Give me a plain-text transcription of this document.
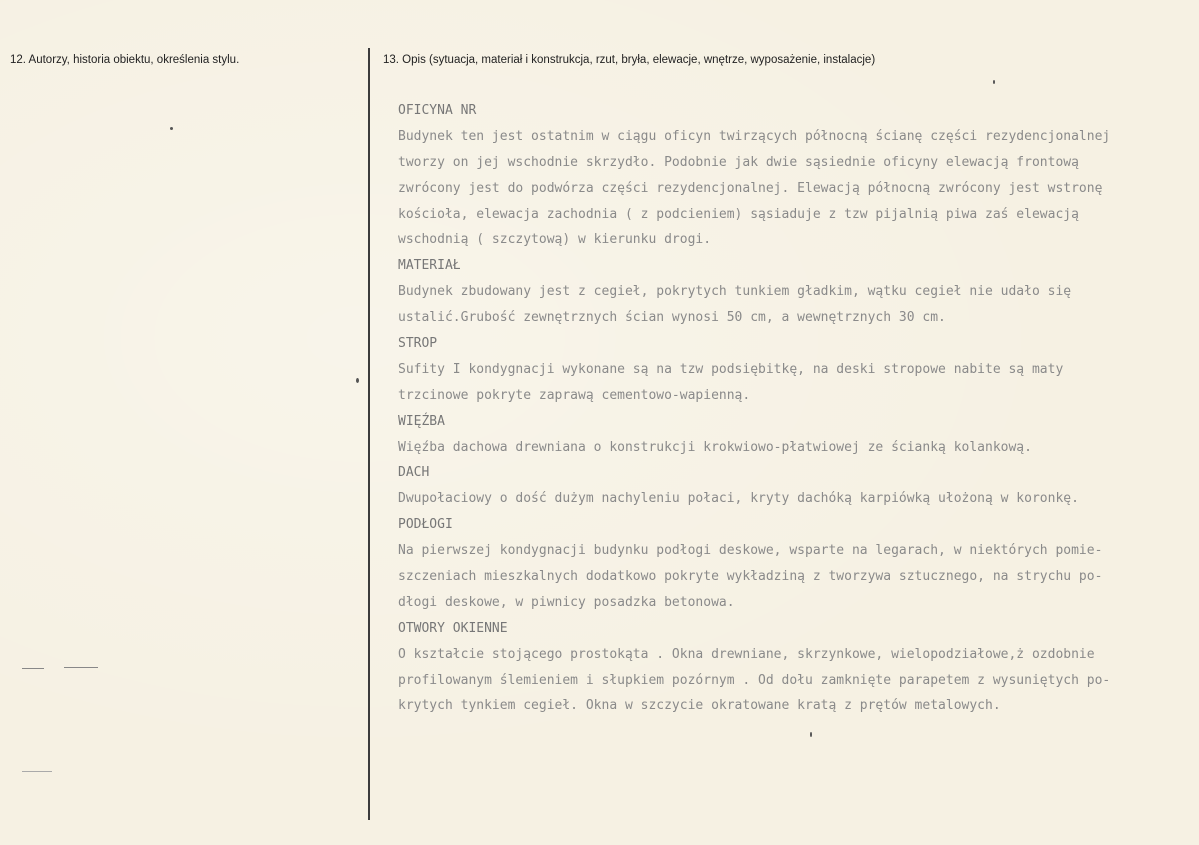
12. Autorzy, historia obiektu, określenia stylu.	13. Opis (sytuacja, materiał i konstrukcja, rzut, bryła, elewacje, wnętrze, wyposażenie, instalacje)
OFICYNA NR
Budynek ten jest ostatnim w ciągu oficyn twirzących północną ścianę części rezydencjonalnej
tworzy on jej wschodnie skrzydło. Podobnie jak dwie sąsiednie oficyny elewacją frontową
zwrócony jest do podwórza części rezydencjonalnej. Elewacją północną zwrócony jest wstronę
kościoła, elewacja zachodnia ( z podcieniem) sąsiaduje z tzw pijalnią piwa zaś elewacją
wschodnią ( szczytową) w kierunku drogi.
MATERIAŁ
Budynek zbudowany jest z cegieł, pokrytych tunkiem gładkim, wątku cegieł nie udało się
ustalić.Grubość zewnętrznych ścian wynosi 50 cm, a wewnętrznych 30 cm.
STROP
Sufity I kondygnacji wykonane są na tzw podsiębitkę, na deski stropowe nabite są maty
trzcinowe pokryte zaprawą cementowo-wapienną.
WIĘŹBA
Więźba dachowa drewniana o konstrukcji krokwiowo-płatwiowej ze ścianką kolankową.
DACH
Dwupołaciowy o dość dużym nachyleniu połaci, kryty dachóką karpiówką ułożoną w koronkę.
PODŁOGI
Na pierwszej kondygnacji budynku podłogi deskowe, wsparte na legarach, w niektórych pomie-
szczeniach mieszkalnych dodatkowo pokryte wykładziną z tworzywa sztucznego, na strychu po-
dłogi deskowe, w piwnicy posadzka betonowa.
OTWORY OKIENNE
O kształcie stojącego prostokąta . Okna drewniane, skrzynkowe, wielopodziałowe,ż ozdobnie
profilowanym ślemieniem i słupkiem pozórnym . Od dołu zamknięte parapetem z wysuniętych po-
krytych tynkiem cegieł. Okna w szczycie okratowane kratą z prętów metalowych.
